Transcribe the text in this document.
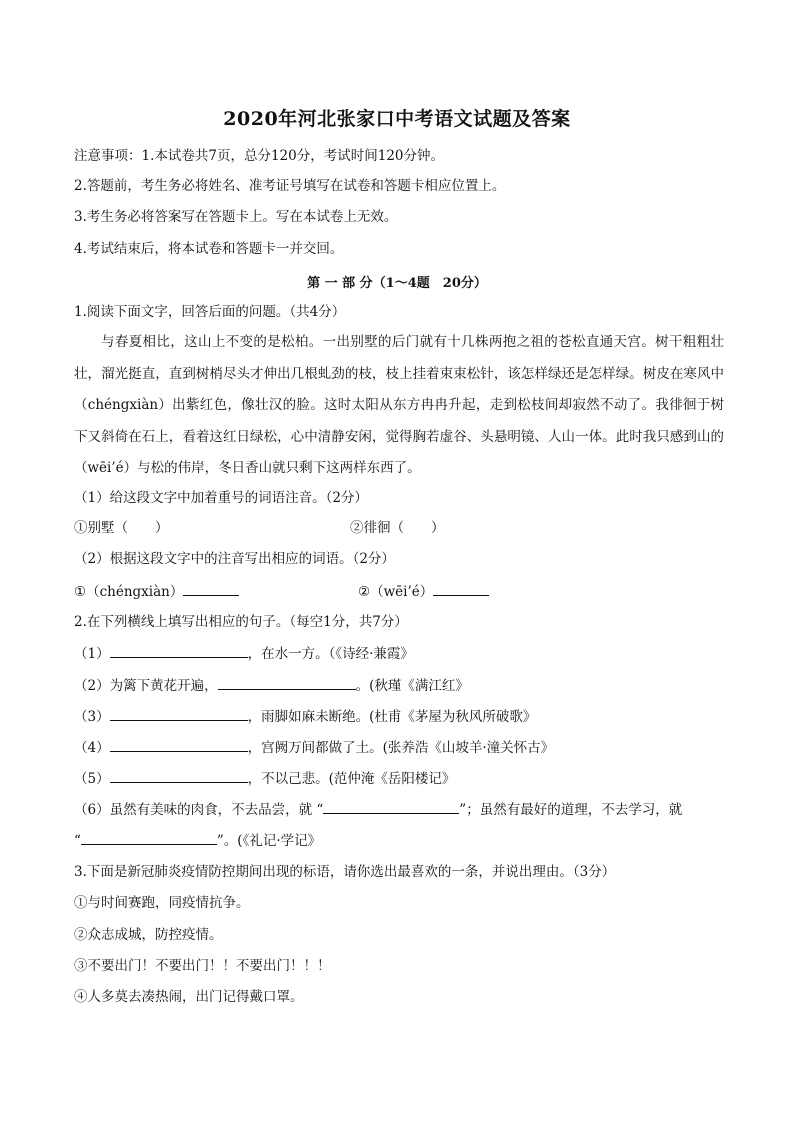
2020年河北张家口中考语文试题及答案
注意事项：1.本试卷共7页，总分120分，考试时间120分钟。
2.答题前，考生务必将姓名、准考证号填写在试卷和答题卡相应位置上。
3.考生务必将答案写在答题卡上。写在本试卷上无效。
4.考试结束后，将本试卷和答题卡一并交回。
第 一 部 分（1～4题　20分）
1.阅读下面文字，回答后面的问题。（共4分）
与春夏相比，这山上不变的是松柏。一出别墅的后门就有十几株两抱之祖的苍松直通天宫。树干粗粗壮壮，溜光挺直，直到树梢尽头才伸出几根虬劲的枝，枝上挂着束束松针，该怎样绿还是怎样绿。树皮在寒风中（chéngxiàn）出紫红色，像壮汉的脸。这时太阳从东方冉冉升起，走到松枝间却寂然不动了。我徘徊于树下又斜倚在石上，看着这红日绿松，心中清静安闲，觉得胸若虚谷、头悬明镜、人山一体。此时我只感到山的（wēi’é）与松的伟岸，冬日香山就只剩下这两样东西了。
（1）给这段文字中加着重号的词语注音。（2分）
①别墅（　　）	②徘徊（　　）
（2）根据这段文字中的注音写出相应的词语。（2分）
①（chéngxiàn）	②（wēi’é）
2.在下列横线上填写出相应的句子。（每空1分，共7分）
（1）	，在水一方。（《诗经·兼霞》
（2）为篱下黄花开遍，	。(秋瑾《满江红》
（3）	，雨脚如麻未断绝。(杜甫《茅屋为秋风所破歌》
（4）	，宫阙万间都做了土。(张养浩《山坡羊·潼关怀古》
（5）	，不以己悲。(范仲淹《岳阳楼记》
（6）虽然有美味的肉食，不去品尝，就 “	”；虽然有最好的道理，不去学习，就
“	”。(《礼记·学记》
3.下面是新冠肺炎疫情防控期间出现的标语，请你选出最喜欢的一条，并说出理由。（3分）
①与时间赛跑，同疫情抗争。
②众志成城，防控疫情。
③不要出门！不要出门！！不要出门！！！
④人多莫去凑热闹，出门记得戴口罩。
